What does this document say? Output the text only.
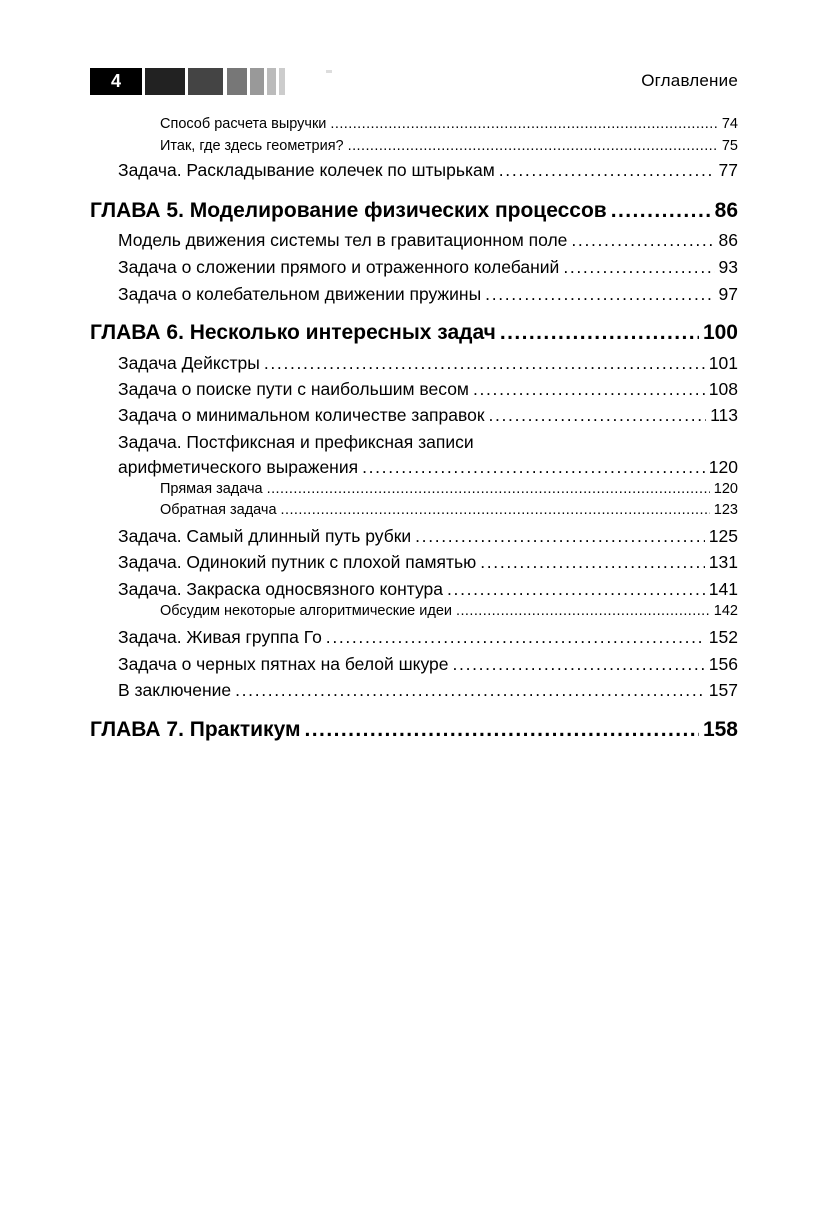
4	Оглавление
Способ расчета выручки . . .	74
Итак, где здесь геометрия? . . .	75
Задача. Раскладывание колечек по штырькам . . .	77
ГЛАВА 5. Моделирование физических процессов . . .	86
Модель движения системы тел в гравитационном поле . . .	86
Задача о сложении прямого и отраженного колебаний . . .	93
Задача о колебательном движении пружины . . .	97
ГЛАВА 6. Несколько интересных задач . . .	100
Задача Дейкстры . . .	101
Задача о поиске пути с наибольшим весом . . .	108
Задача о минимальном количестве заправок . . .	113
Задача. Постфиксная и префиксная записи
арифметического выражения . . .	120
Прямая задача . . .	120
Обратная задача . . .	123
Задача. Самый длинный путь рубки . . .	125
Задача. Одинокий путник с плохой памятью . . .	131
Задача. Закраска односвязного контура . . .	141
Обсудим некоторые алгоритмические идеи . . .	142
Задача. Живая группа Го . . .	152
Задача о черных пятнах на белой шкуре . . .	156
В заключение . . .	157
ГЛАВА 7. Практикум . . .	158
